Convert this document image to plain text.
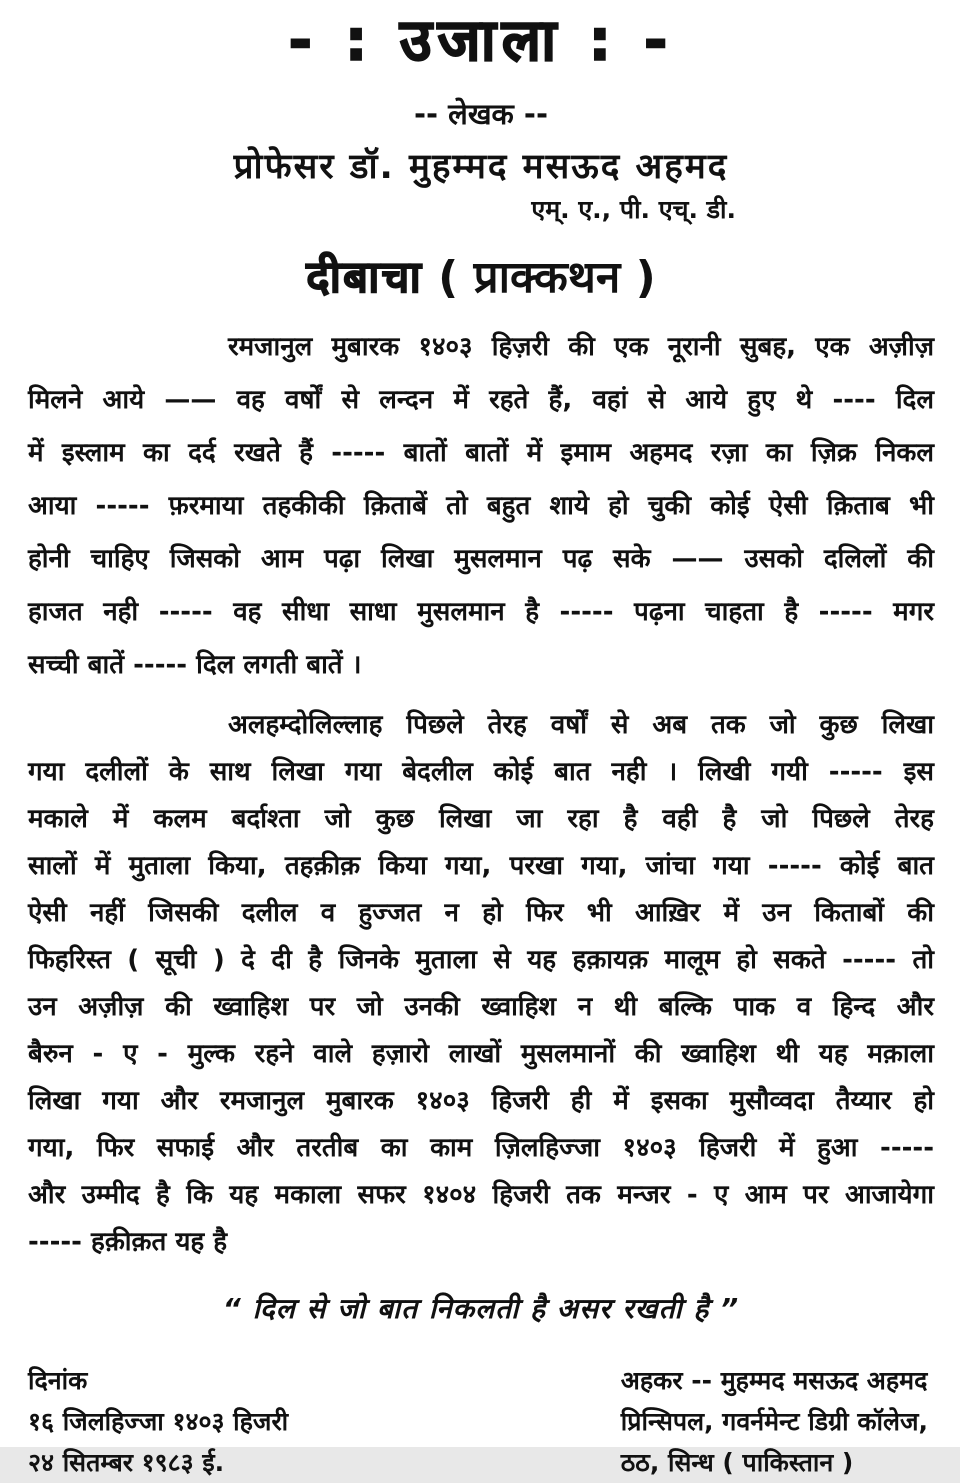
- : उजाला : -
-- लेखक --
प्रोफेसर डॉ. मुहम्मद मसऊद अहमद
एम्. ए., पी. एच्. डी.
दीबाचा ( प्राक्कथन )
रमजानुल मुबारक १४०३ हिज़री की एक नूरानी सुबह, एक अज़ीज़
मिलने आये —— वह वर्षों से लन्दन में रहते हैं, वहां से आये हुए थे ---- दिल
में इस्लाम का दर्द रखते हैं ----- बातों बातों में इमाम अहमद रज़ा का ज़िक्र निकल
आया ----- फ़रमाया तहकीकी क़िताबें तो बहुत शाये हो चुकी कोई ऐसी क़िताब भी
होनी चाहिए जिसको आम पढ़ा लिखा मुसलमान पढ़ सके —— उसको दलिलों की
हाजत नही ----- वह सीधा साधा मुसलमान है ----- पढ़ना चाहता है ----- मगर
सच्ची बातें ----- दिल लगती बातें ।
अलहम्दोलिल्लाह पिछले तेरह वर्षों से अब तक जो कुछ लिखा
गया दलीलों के साथ लिखा गया बेदलील कोई बात नही । लिखी गयी ----- इस
मकाले में कलम बर्दाश्ता जो कुछ लिखा जा रहा है वही है जो पिछले तेरह
सालों में मुताला किया, तहक़ीक़ किया गया, परखा गया, जांचा गया ----- कोई बात
ऐसी नहीं जिसकी दलील व हुज्जत न हो फिर भी आख़िर में उन किताबों की
फिहरिस्त ( सूची ) दे दी है जिनके मुताला से यह हक़ायक़ मालूम हो सकते ----- तो
उन अज़ीज़ की ख्वाहिश पर जो उनकी ख्वाहिश न थी बल्कि पाक व हिन्द और
बैरुन - ए - मुल्क रहने वाले हज़ारो लाखों मुसलमानों की ख्वाहिश थी यह मक़ाला
लिखा गया और रमजानुल मुबारक १४०३ हिजरी ही में इसका मुसौव्वदा तैय्यार हो
गया, फिर सफाई और तरतीब का काम ज़िलहिज्जा १४०३ हिजरी में हुआ -----
और उम्मीद है कि यह मकाला सफर १४०४ हिजरी तक मन्जर - ए आम पर आजायेगा
----- हक़ीक़त यह है
“ दिल से जो बात निकलती है असर रखती है ”
दिनांक
१६ जिलहिज्जा १४०३ हिजरी
२४ सितम्बर १९८३ ई.
अहकर -- मुहम्मद मसऊद अहमद
प्रिन्सिपल, गवर्नमेन्ट डिग्री कॉलेज,
ठठ, सिन्ध ( पाकिस्तान )
